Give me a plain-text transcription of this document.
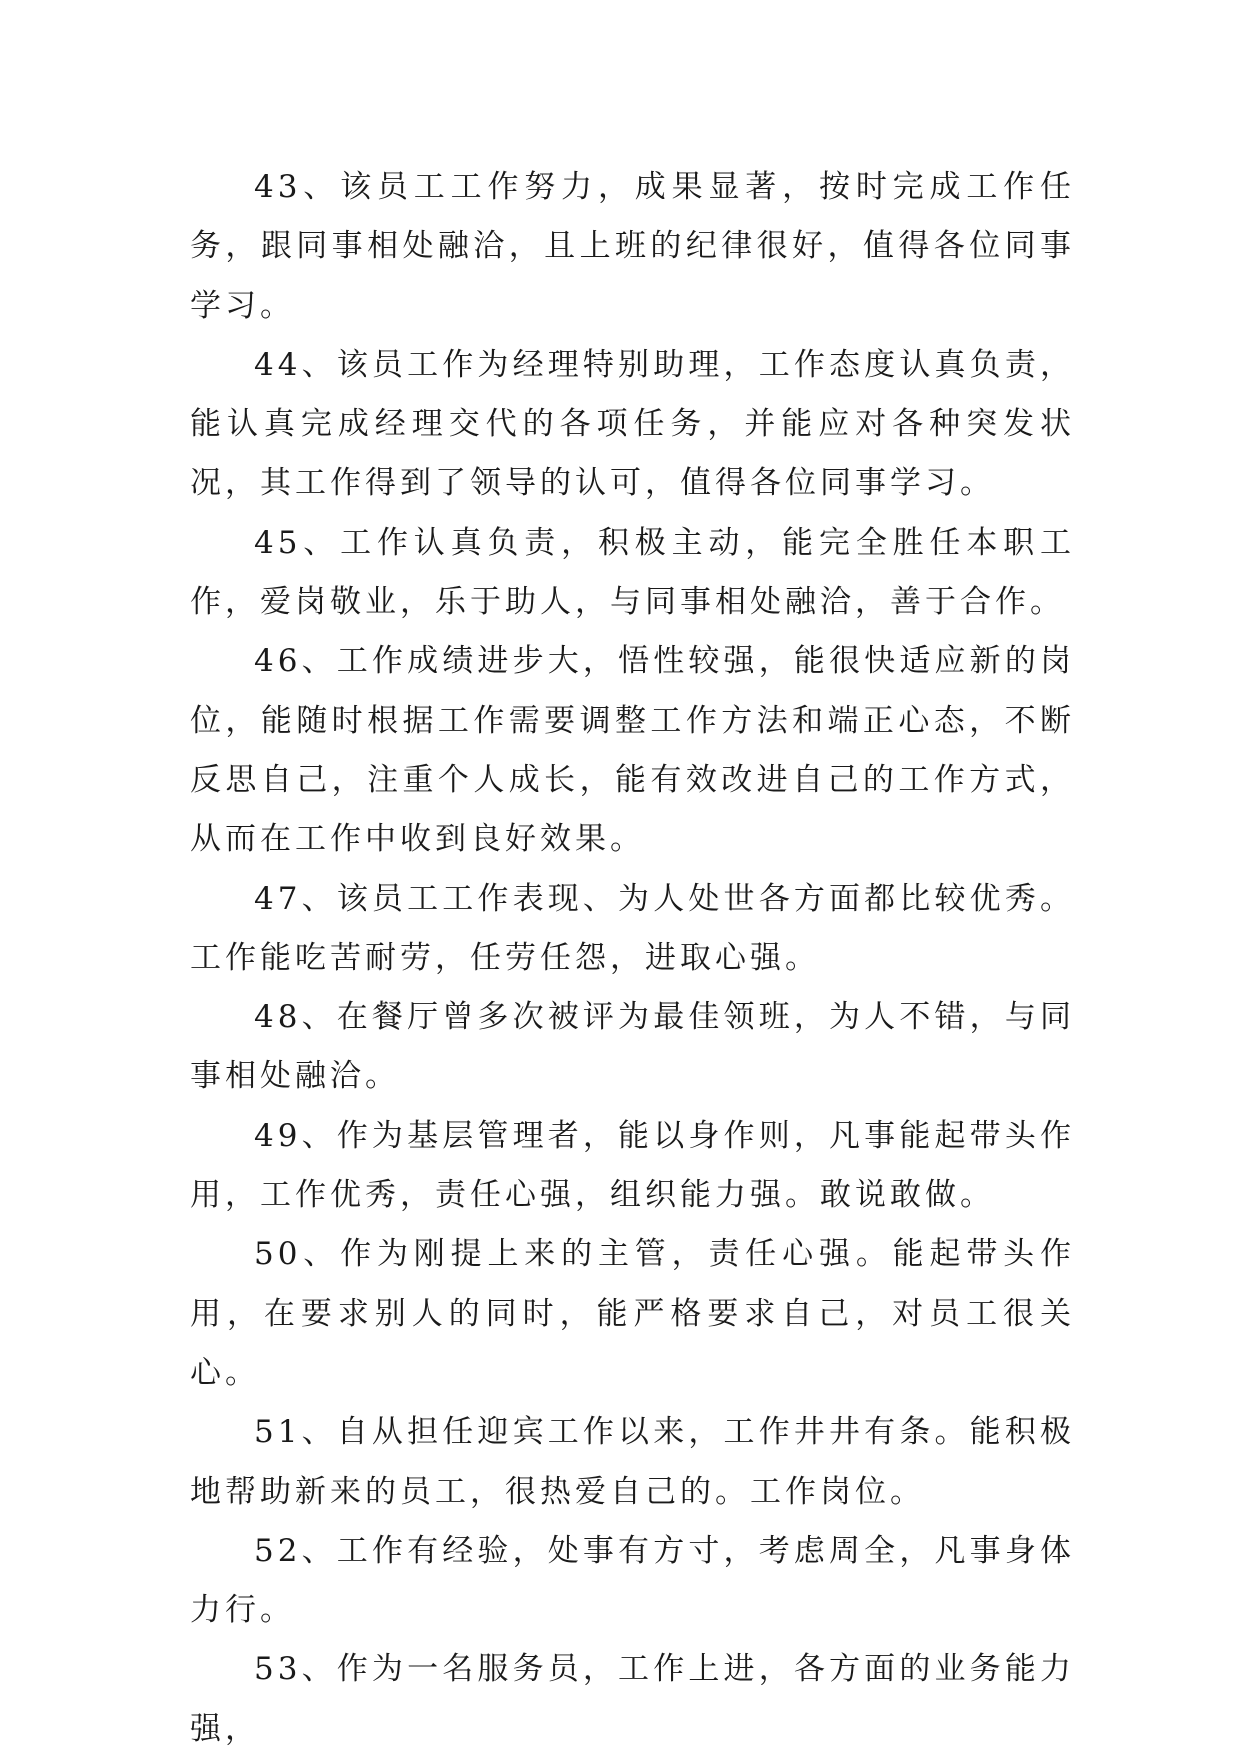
43、该员工工作努力，成果显著，按时完成工作任务，跟同事相处融洽，且上班的纪律很好，值得各位同事学习。

44、该员工作为经理特别助理，工作态度认真负责，能认真完成经理交代的各项任务，并能应对各种突发状况，其工作得到了领导的认可，值得各位同事学习。

45、工作认真负责，积极主动，能完全胜任本职工作，爱岗敬业，乐于助人，与同事相处融洽，善于合作。

46、工作成绩进步大，悟性较强，能很快适应新的岗位，能随时根据工作需要调整工作方法和端正心态，不断反思自己，注重个人成长，能有效改进自己的工作方式，从而在工作中收到良好效果。

47、该员工工作表现、为人处世各方面都比较优秀。工作能吃苦耐劳，任劳任怨，进取心强。

48、在餐厅曾多次被评为最佳领班，为人不错，与同事相处融洽。

49、作为基层管理者，能以身作则，凡事能起带头作用，工作优秀，责任心强，组织能力强。敢说敢做。

50、作为刚提上来的主管，责任心强。能起带头作用，在要求别人的同时，能严格要求自己，对员工很关心。

51、自从担任迎宾工作以来，工作井井有条。能积极地帮助新来的员工，很热爱自己的。工作岗位。

52、工作有经验，处事有方寸，考虑周全，凡事身体力行。

53、作为一名服务员，工作上进，各方面的业务能力强，
